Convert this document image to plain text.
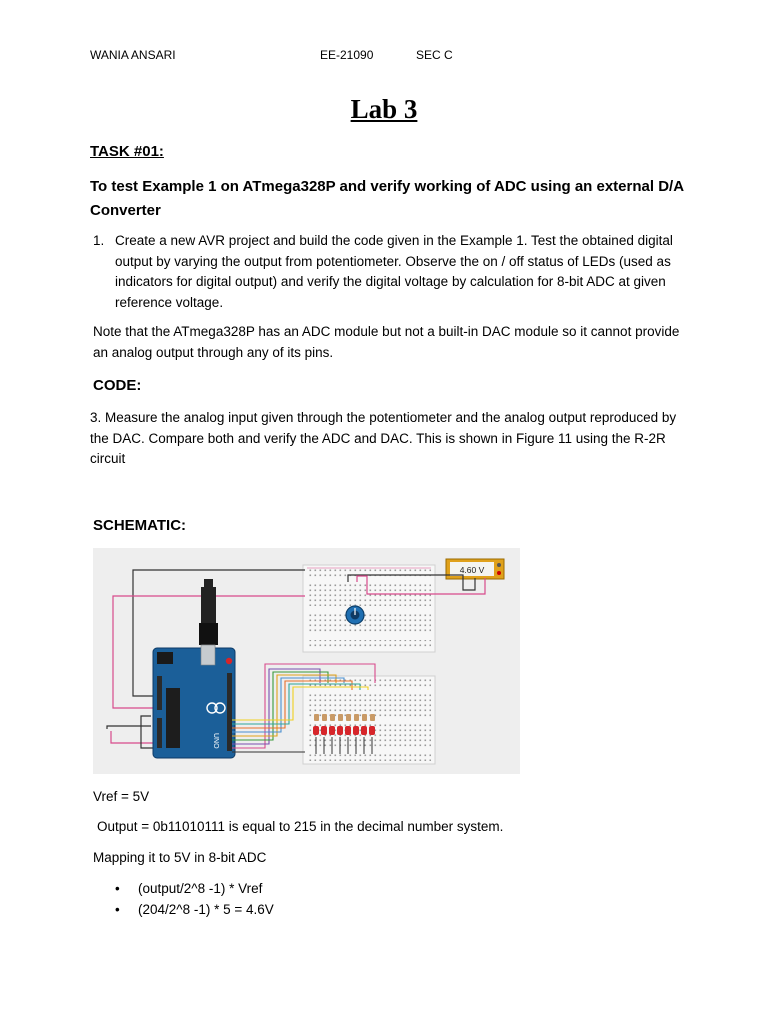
WANIA ANSARI	EE-21090	SEC C
Lab 3
TASK #01:
To test Example 1 on ATmega328P and verify working of ADC using an external D/A Converter
1. Create a new AVR project and build the code given in the Example 1. Test the obtained digital output by varying the output from potentiometer. Observe the on / off status of LEDs (used as indicators for digital output) and verify the digital voltage by calculation for 8-bit ADC at given reference voltage.
Note that the ATmega328P has an ADC module but not a built-in DAC module so it cannot provide an analog output through any of its pins.
CODE:
3. Measure the analog input given through the potentiometer and the analog output reproduced by the DAC. Compare both and verify the ADC and DAC. This is shown in Figure 11 using the R-2R circuit
SCHEMATIC:
4.60 V
UNO
Vref = 5V
Output = 0b11010111 is equal to 215 in the decimal number system.
Mapping it to 5V in 8-bit ADC
• (output/2^8 -1) * Vref
• (204/2^8 -1) * 5 = 4.6V
